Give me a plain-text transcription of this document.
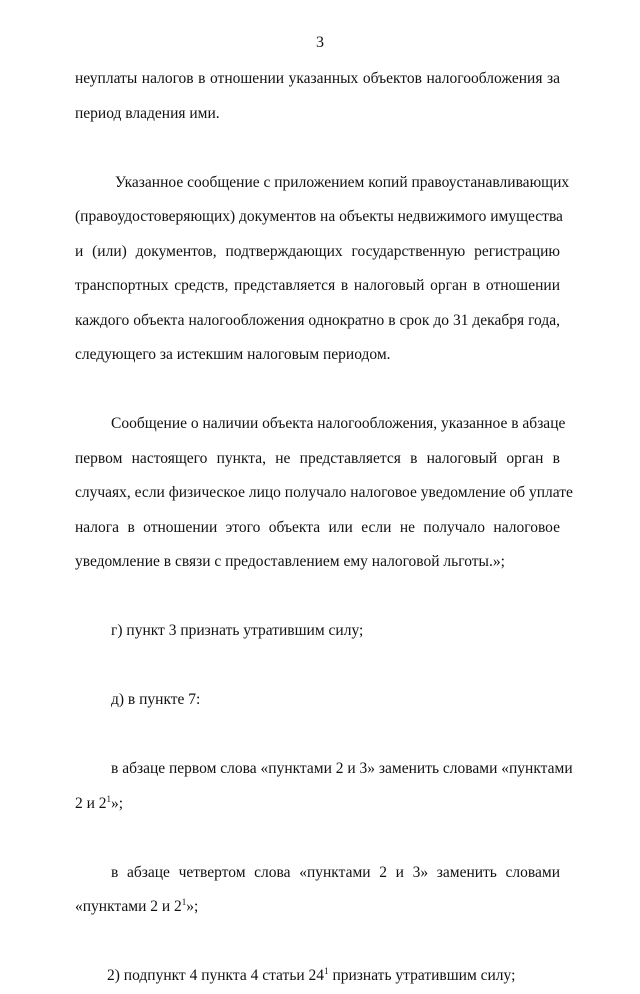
3
неуплаты налогов в отношении указанных объектов налогообложения за
период владения ими.
Указанное сообщение с приложением копий правоустанавливающих
(правоудостоверяющих) документов на объекты недвижимого имущества
и (или) документов, подтверждающих государственную регистрацию
транспортных средств, представляется в налоговый орган в отношении
каждого объекта налогообложения однократно в срок до 31 декабря года,
следующего за истекшим налоговым периодом.
Сообщение о наличии объекта налогообложения, указанное в абзаце
первом настоящего пункта, не представляется в налоговый орган в
случаях, если физическое лицо получало налоговое уведомление об уплате
налога в отношении этого объекта или если не получало налоговое
уведомление в связи с предоставлением ему налоговой льготы.»;
г) пункт 3 признать утратившим силу;
д) в пункте 7:
в абзаце первом слова «пунктами 2 и 3» заменить словами «пунктами
2 и $2^1$»;
в абзаце четвертом слова «пунктами 2 и 3» заменить словами
«пунктами 2 и $2^1$»;
2) подпункт 4 пункта 4 статьи $24^1$ признать утратившим силу;
